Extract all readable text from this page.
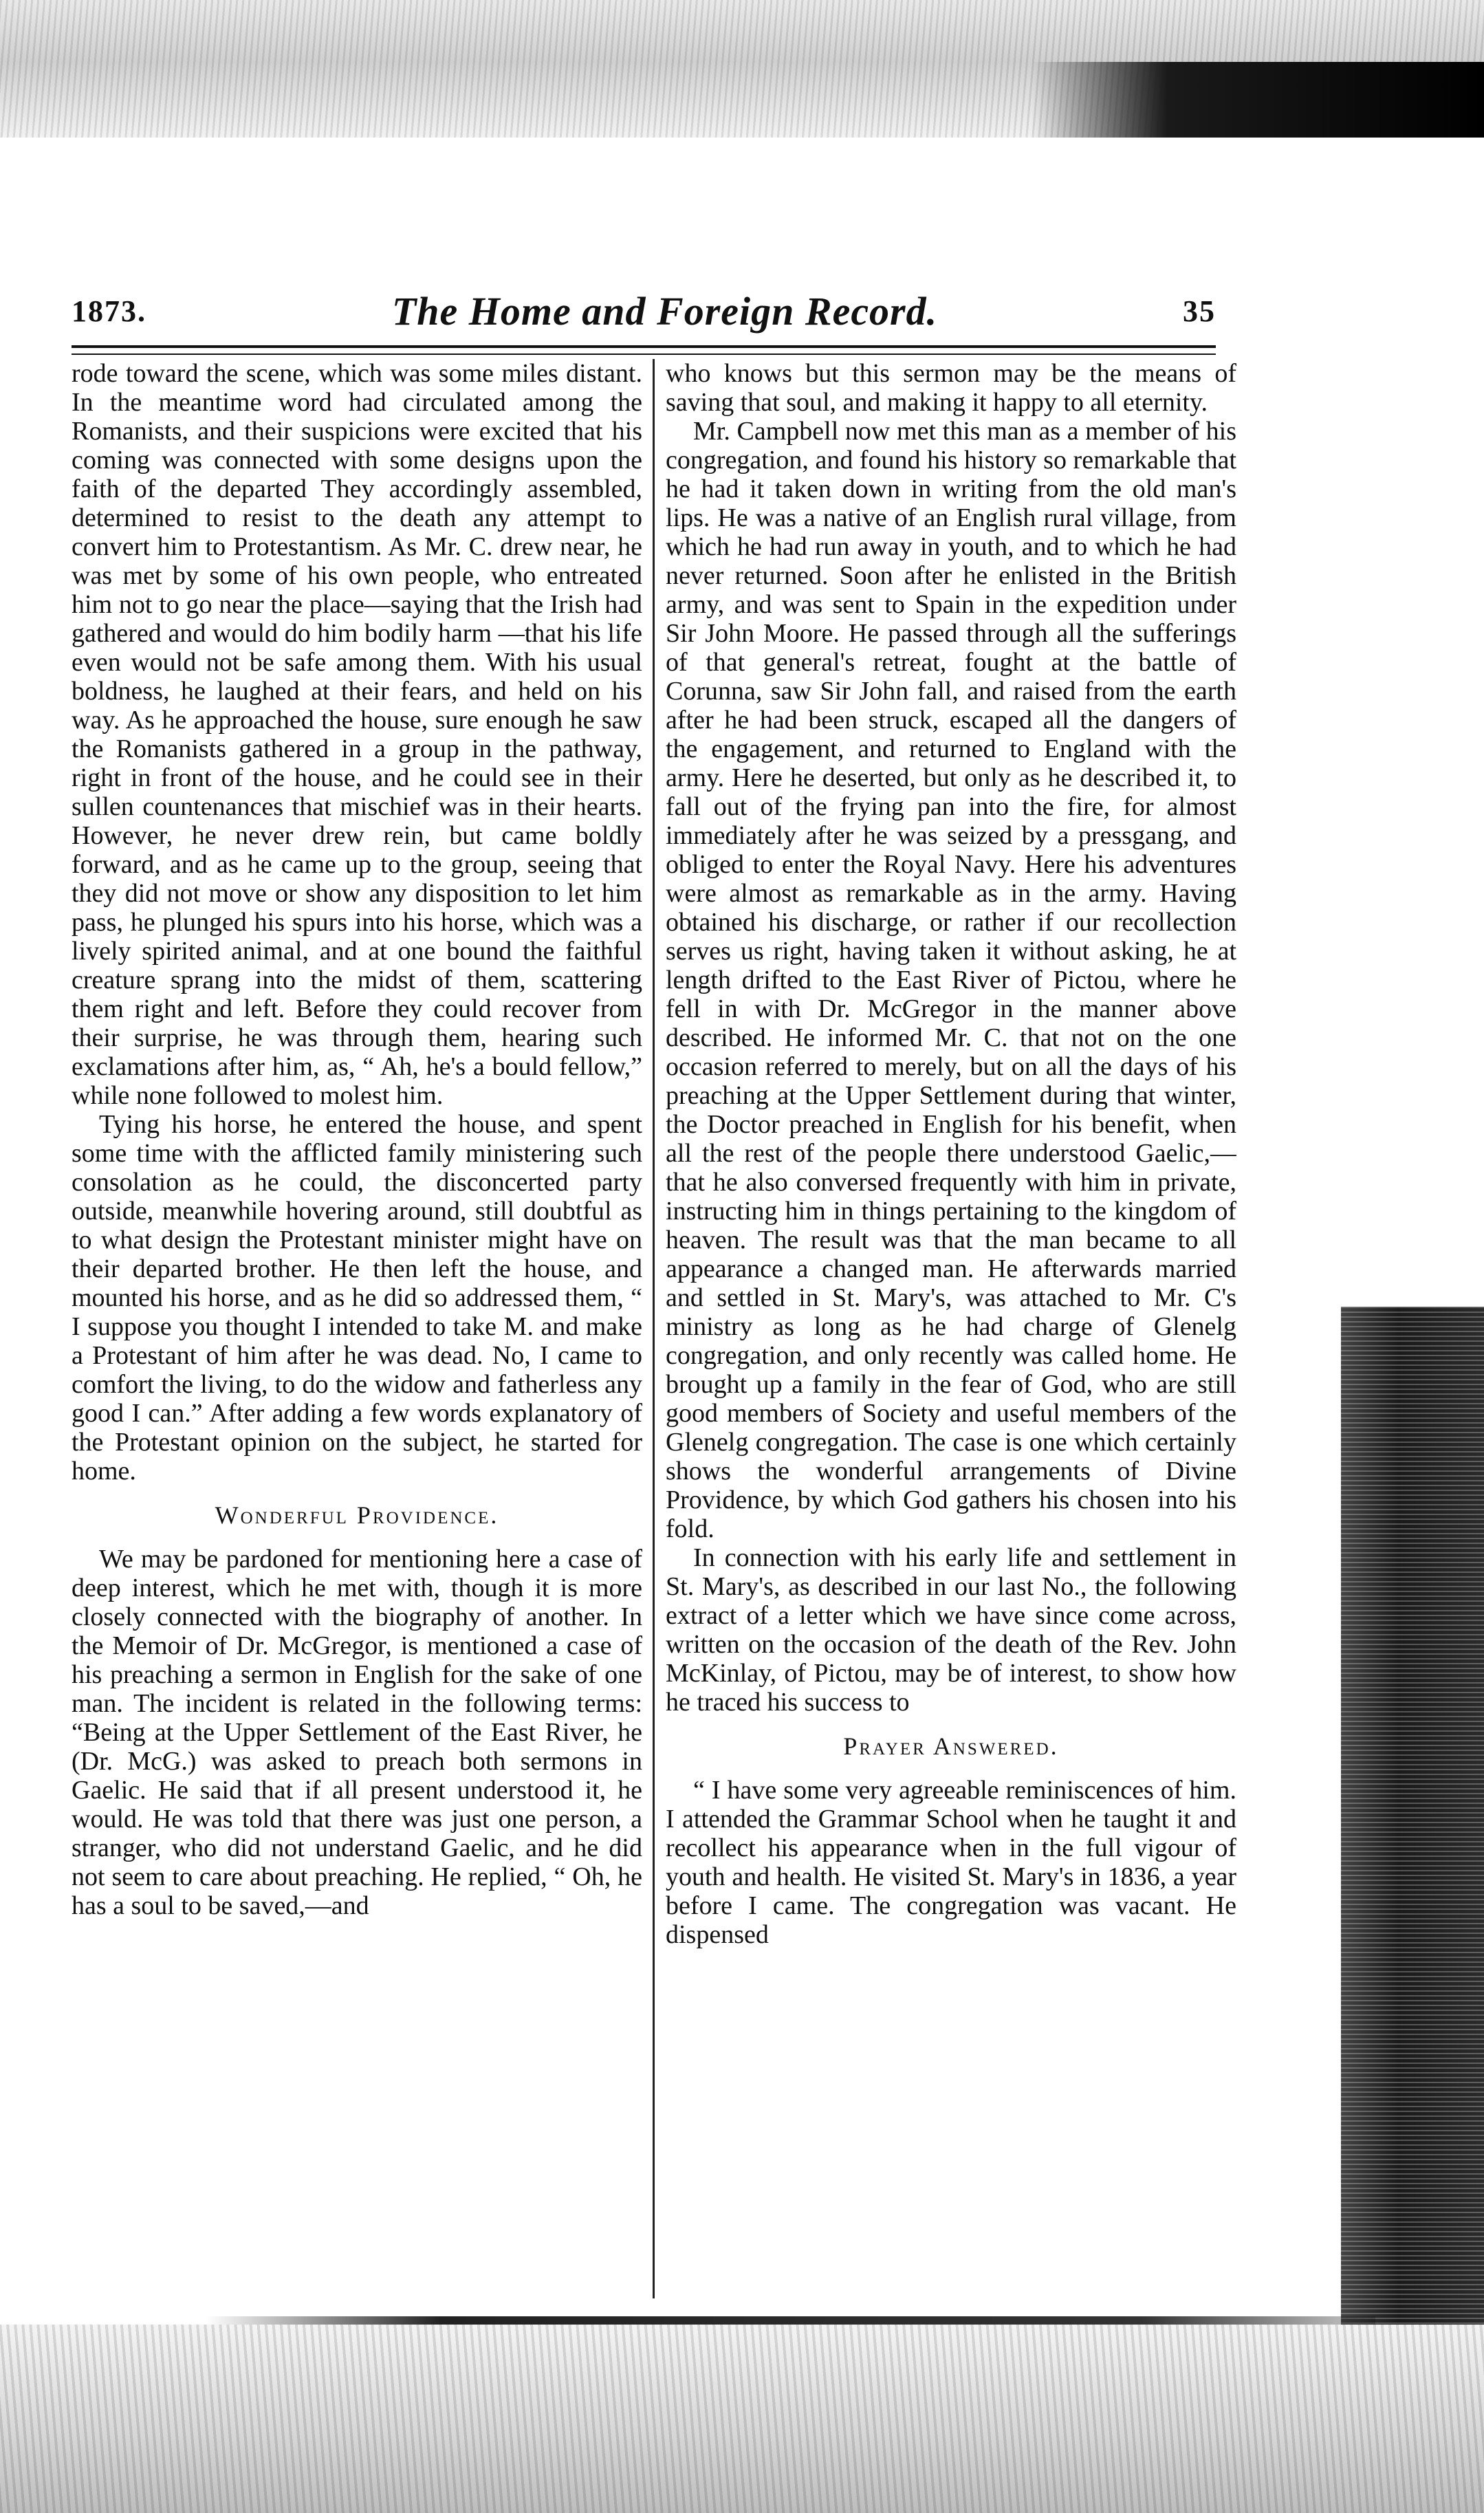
1873.	The Home and Foreign Record.	35

rode toward the scene, which was some miles distant. In the meantime word had circulated among the Romanists, and their suspicions were excited that his coming was connected with some designs upon the faith of the departed They accordingly assembled, determined to resist to the death any attempt to convert him to Protestantism. As Mr. C. drew near, he was met by some of his own people, who entreated him not to go near the place—saying that the Irish had gathered and would do him bodily harm —that his life even would not be safe among them. With his usual boldness, he laughed at their fears, and held on his way. As he approached the house, sure enough he saw the Romanists gathered in a group in the pathway, right in front of the house, and he could see in their sullen countenances that mischief was in their hearts. However, he never drew rein, but came boldly forward, and as he came up to the group, seeing that they did not move or show any disposition to let him pass, he plunged his spurs into his horse, which was a lively spirited animal, and at one bound the faithful creature sprang into the midst of them, scattering them right and left. Before they could recover from their surprise, he was through them, hearing such exclamations after him, as, “ Ah, he's a bould fellow,” while none followed to molest him.

Tying his horse, he entered the house, and spent some time with the afflicted family ministering such consolation as he could, the disconcerted party outside, meanwhile hovering around, still doubtful as to what design the Protestant minister might have on their departed brother. He then left the house, and mounted his horse, and as he did so addressed them, “ I suppose you thought I intended to take M. and make a Protestant of him after he was dead. No, I came to comfort the living, to do the widow and fatherless any good I can.” After adding a few words explanatory of the Protestant opinion on the subject, he started for home.

Wonderful Providence.

We may be pardoned for mentioning here a case of deep interest, which he met with, though it is more closely connected with the biography of another. In the Memoir of Dr. McGregor, is mentioned a case of his preaching a sermon in English for the sake of one man. The incident is related in the following terms: “Being at the Upper Settlement of the East River, he (Dr. McG.) was asked to preach both sermons in Gaelic. He said that if all present understood it, he would. He was told that there was just one person, a stranger, who did not understand Gaelic, and he did not seem to care about preaching. He replied, “ Oh, he has a soul to be saved,—and

who knows but this sermon may be the means of saving that soul, and making it happy to all eternity.

Mr. Campbell now met this man as a member of his congregation, and found his history so remarkable that he had it taken down in writing from the old man's lips. He was a native of an English rural village, from which he had run away in youth, and to which he had never returned. Soon after he enlisted in the British army, and was sent to Spain in the expedition under Sir John Moore. He passed through all the sufferings of that general's retreat, fought at the battle of Corunna, saw Sir John fall, and raised from the earth after he had been struck, escaped all the dangers of the engagement, and returned to England with the army. Here he deserted, but only as he described it, to fall out of the frying pan into the fire, for almost immediately after he was seized by a pressgang, and obliged to enter the Royal Navy. Here his adventures were almost as remarkable as in the army. Having obtained his discharge, or rather if our recollection serves us right, having taken it without asking, he at length drifted to the East River of Pictou, where he fell in with Dr. McGregor in the manner above described. He informed Mr. C. that not on the one occasion referred to merely, but on all the days of his preaching at the Upper Settlement during that winter, the Doctor preached in English for his benefit, when all the rest of the people there understood Gaelic,—that he also conversed frequently with him in private, instructing him in things pertaining to the kingdom of heaven. The result was that the man became to all appearance a changed man. He afterwards married and settled in St. Mary's, was attached to Mr. C's ministry as long as he had charge of Glenelg congregation, and only recently was called home. He brought up a family in the fear of God, who are still good members of Society and useful members of the Glenelg congregation. The case is one which certainly shows the wonderful arrangements of Divine Providence, by which God gathers his chosen into his fold.

In connection with his early life and settlement in St. Mary's, as described in our last No., the following extract of a letter which we have since come across, written on the occasion of the death of the Rev. John McKinlay, of Pictou, may be of interest, to show how he traced his success to

Prayer Answered.

“ I have some very agreeable reminiscences of him. I attended the Grammar School when he taught it and recollect his appearance when in the full vigour of youth and health. He visited St. Mary's in 1836, a year before I came. The congregation was vacant. He dispensed
